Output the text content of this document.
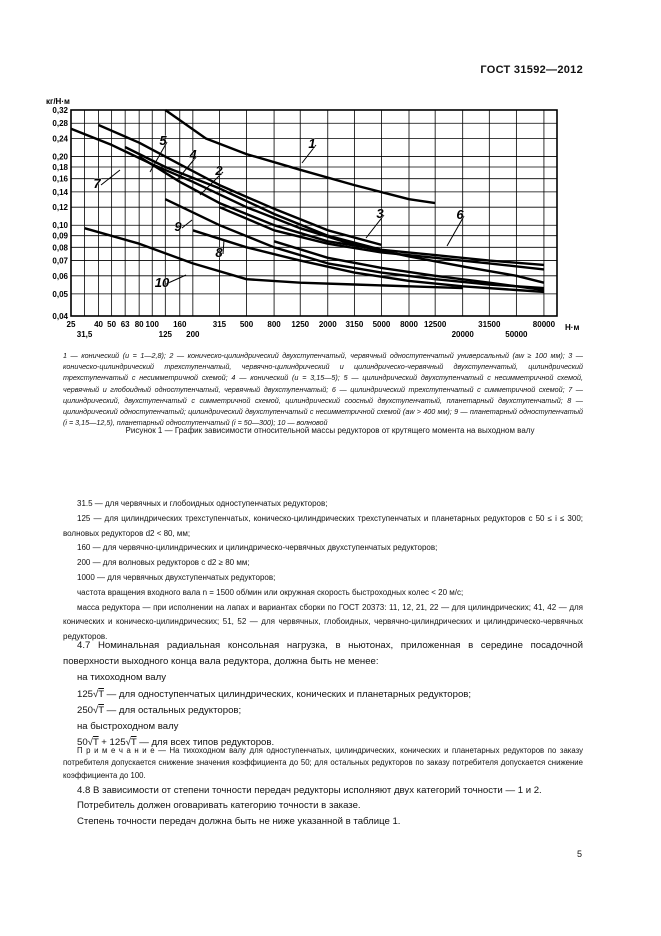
ГОСТ 31592—2012
0,32
0,28
0,24
0,20
0,18
0,16
0,14
0,12
0,10
0,09
0,08
0,07
0,06
0,05
0,04
25 40 50 63 80 100 160	315 500 800 1250 2000 3150 5000 8000 12500	31500	80000
31,5	125 200	20000	50000
1
2
3
4
5
6
7
8
9
10
кг/Н·м
Н·м
1 — конический (u = 1—2,8); 2 — коническо-цилиндрический двухступенчатый, червячный одноступенчатый универсальный (aw ≥ 100 мм); 3 — коническо-цилиндрический трехступенчатый, червячно-цилиндрический и цилиндрическо-червячный двухступенчатый, цилиндрический трехступенчатый с несимметричной схемой; 4 — конический (u = 3,15—5); 5 — цилиндрический двухступенчатый с несимметричной схемой, червячный и глобоидный одноступенчатый, червячный двухступенчатый; 6 — цилиндрический трехступенчатый с симметричной схемой; 7 — цилиндрический, двухступенчатый с симметричной схемой, цилиндрический соосный двухступенчатый, планетарный двухступенчатый; 8 — цилиндрический одноступенчатый; цилиндрический двухступенчатый с несимметричной схемой (aw > 400 мм); 9 — планетарный одноступенчатый (i = 3,15—12,5), планетарный одноступенчатый (i = 50—300); 10 — волновой
Рисунок 1 — График зависимости относительной массы редукторов от крутящего момента на выходном валу

31.5 — для червячных и глобоидных одноступенчатых редукторов;

125 — для цилиндрических трехступенчатых, коническо-цилиндрических трехступенчатых и планетарных редукторов с 50 ≤ i ≤ 300; волновых редукторов d2 < 80, мм;

160 — для червячно-цилиндрических и цилиндрическо-червячных двухступенчатых редукторов;

200 — для волновых редукторов с d2 ≥ 80 мм;

1000 — для червячных двухступенчатых редукторов;

частота вращения входного вала n = 1500 об/мин или окружная скорость быстроходных колес < 20 м/с;

масса редуктора — при исполнении на лапах и вариантах сборки по ГОСТ 20373: 11, 12, 21, 22 — для цилиндрических; 41, 42 — для конических и коническо-цилиндрических; 51, 52 — для червячных, глобоидных, червячно-цилиндрических и цилиндрическо-червячных редукторов.

4.7 Номинальная радиальная консольная нагрузка, в ньютонах, приложенная в середине посадочной поверхности выходного конца вала редуктора, должна быть не менее:

на тихоходном валу

125√T — для одноступенчатых цилиндрических, конических и планетарных редукторов;

250√T — для остальных редукторов;

на быстроходном валу

50√T + 125√T — для всех типов редукторов.

П р и м е ч а н и е — На тихоходном валу для одноступенчатых, цилиндрических, конических и планетарных редукторов по заказу потребителя допускается снижение значения коэффициента до 50; для остальных редукторов по заказу потребителя допускается снижение коэффициента до 100.

4.8 В зависимости от степени точности передач редукторы исполняют двух категорий точности — 1 и 2.

Потребитель должен оговаривать категорию точности в заказе.

Степень точности передач должна быть не ниже указанной в таблице 1.

5
